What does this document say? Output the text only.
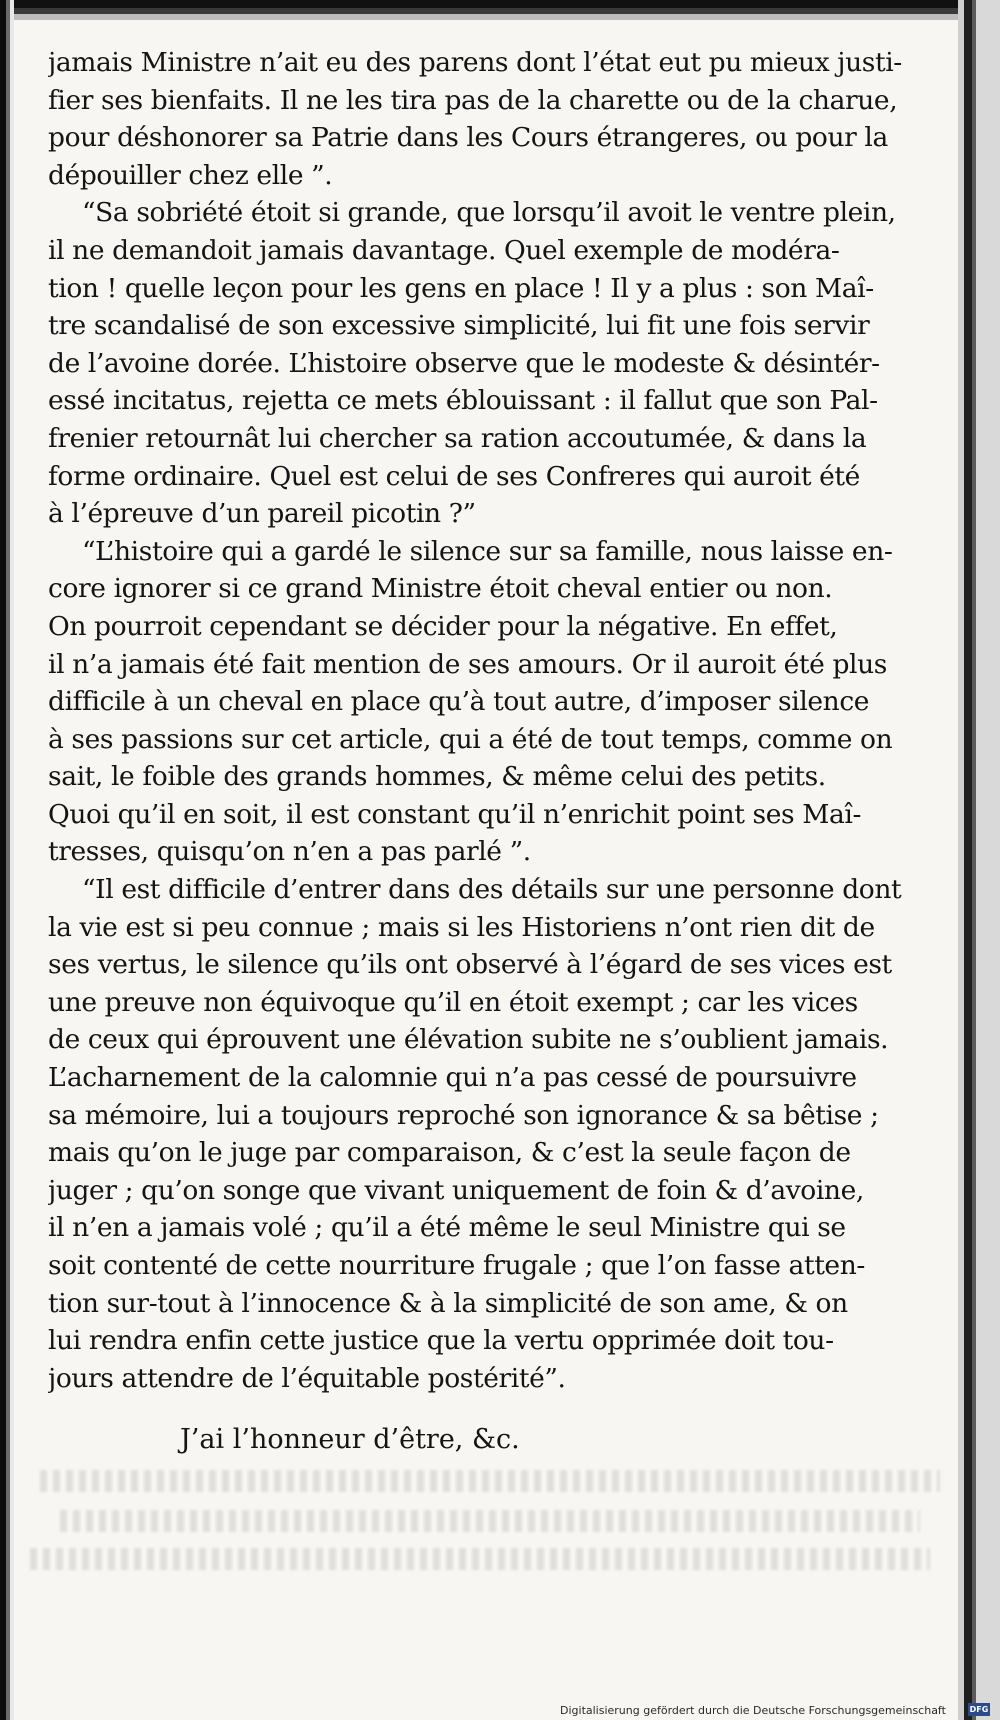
jamais Ministre n’ait eu des parens dont l’état eut pu mieux justi-
fier ses bienfaits. Il ne les tira pas de la charette ou de la charue,
pour déshonorer sa Patrie dans les Cours étrangeres, ou pour la
dépouiller chez elle ”.
“Sa sobriété étoit si grande, que lorsqu’il avoit le ventre plein,
il ne demandoit jamais davantage. Quel exemple de modéra-
tion ! quelle leçon pour les gens en place ! Il y a plus : son Maî-
tre scandalisé de son excessive simplicité, lui fit une fois servir
de l’avoine dorée. L’histoire observe que le modeste & désintér-
essé incitatus, rejetta ce mets éblouissant : il fallut que son Pal-
frenier retournât lui chercher sa ration accoutumée, & dans la
forme ordinaire. Quel est celui de ses Confreres qui auroit été
à l’épreuve d’un pareil picotin ?”
“L’histoire qui a gardé le silence sur sa famille, nous laisse en-
core ignorer si ce grand Ministre étoit cheval entier ou non.
On pourroit cependant se décider pour la négative. En effet,
il n’a jamais été fait mention de ses amours. Or il auroit été plus
difficile à un cheval en place qu’à tout autre, d’imposer silence
à ses passions sur cet article, qui a été de tout temps, comme on
sait, le foible des grands hommes, & même celui des petits.
Quoi qu’il en soit, il est constant qu’il n’enrichit point ses Maî-
tresses, quisqu’on n’en a pas parlé ”.
“Il est difficile d’entrer dans des détails sur une personne dont
la vie est si peu connue ; mais si les Historiens n’ont rien dit de
ses vertus, le silence qu’ils ont observé à l’égard de ses vices est
une preuve non équivoque qu’il en étoit exempt ; car les vices
de ceux qui éprouvent une élévation subite ne s’oublient jamais.
L’acharnement de la calomnie qui n’a pas cessé de poursuivre
sa mémoire, lui a toujours reproché son ignorance & sa bêtise ;
mais qu’on le juge par comparaison, & c’est la seule façon de
juger ; qu’on songe que vivant uniquement de foin & d’avoine,
il n’en a jamais volé ; qu’il a été même le seul Ministre qui se
soit contenté de cette nourriture frugale ; que l’on fasse atten-
tion sur-tout à l’innocence & à la simplicité de son ame, & on
lui rendra enfin cette justice que la vertu opprimée doit tou-
jours attendre de l’équitable postérité”.
J’ai l’honneur d’être, &c.
Digitalisierung gefördert durch die Deutsche Forschungsgemeinschaft	DFG
